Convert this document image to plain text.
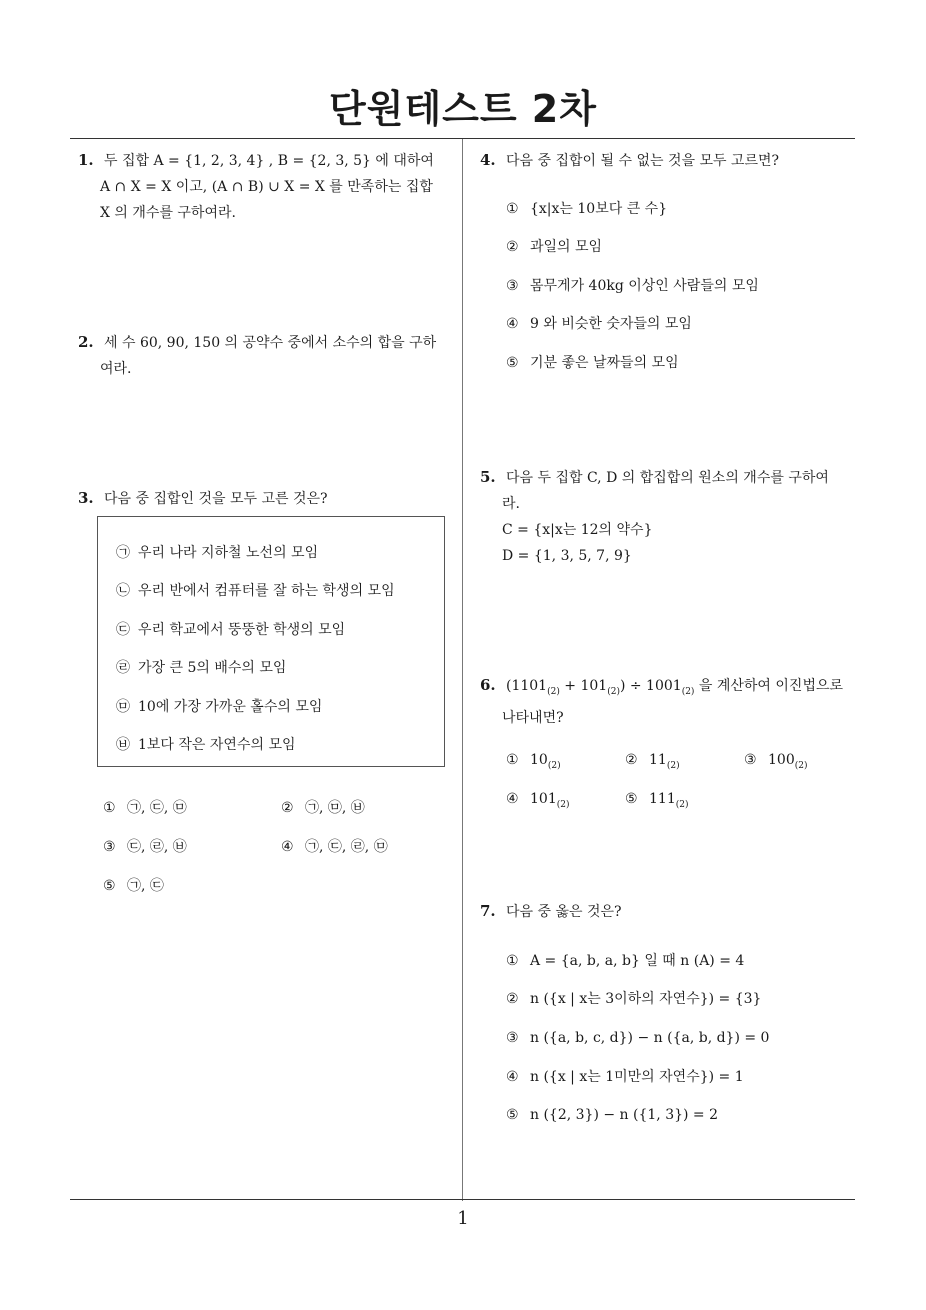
단원테스트 2차
1
1. 두 집합 A = {1, 2, 3, 4} , B = {2, 3, 5} 에 대하여
A ∩ X = X 이고, (A ∩ B) ∪ X = X 를 만족하는 집합
X 의 개수를 구하여라.
2. 세 수 60, 90, 150 의 공약수 중에서 소수의 합을 구하
여라.
3. 다음 중 집합인 것을 모두 고른 것은?
㉠ 우리 나라 지하철 노선의 모임
㉡ 우리 반에서 컴퓨터를 잘 하는 학생의 모임
㉢ 우리 학교에서 뚱뚱한 학생의 모임
㉣ 가장 큰 5의 배수의 모임
㉤ 10에 가장 가까운 홀수의 모임
㉥ 1보다 작은 자연수의 모임
① ㉠, ㉢, ㉤	② ㉠, ㉤, ㉥
③ ㉢, ㉣, ㉥	④ ㉠, ㉢, ㉣, ㉤
⑤ ㉠, ㉢
4. 다음 중 집합이 될 수 없는 것을 모두 고르면?
① {x|x는 10보다 큰 수}
② 과일의 모임
③ 몸무게가 40kg 이상인 사람들의 모임
④ 9 와 비슷한 숫자들의 모임
⑤ 기분 좋은 날짜들의 모임
5. 다음 두 집합 C, D 의 합집합의 원소의 개수를 구하여
라.
C = {x|x는 12의 약수}
D = {1, 3, 5, 7, 9}
6. $(1101_{(2)} + 101_{(2)}) \div 1001_{(2)}$ 을 계산하여 이진법으로
나타내면?
① $10_{(2)}$	② $11_{(2)}$	③ $100_{(2)}$
④ $101_{(2)}$	⑤ $111_{(2)}$
7. 다음 중 옳은 것은?
① A = {a, b, a, b} 일 때 n (A) = 4
② n ({x | x는 3이하의 자연수}) = {3}
③ n ({a, b, c, d}) − n ({a, b, d}) = 0
④ n ({x | x는 1미만의 자연수}) = 1
⑤ n ({2, 3}) − n ({1, 3}) = 2
